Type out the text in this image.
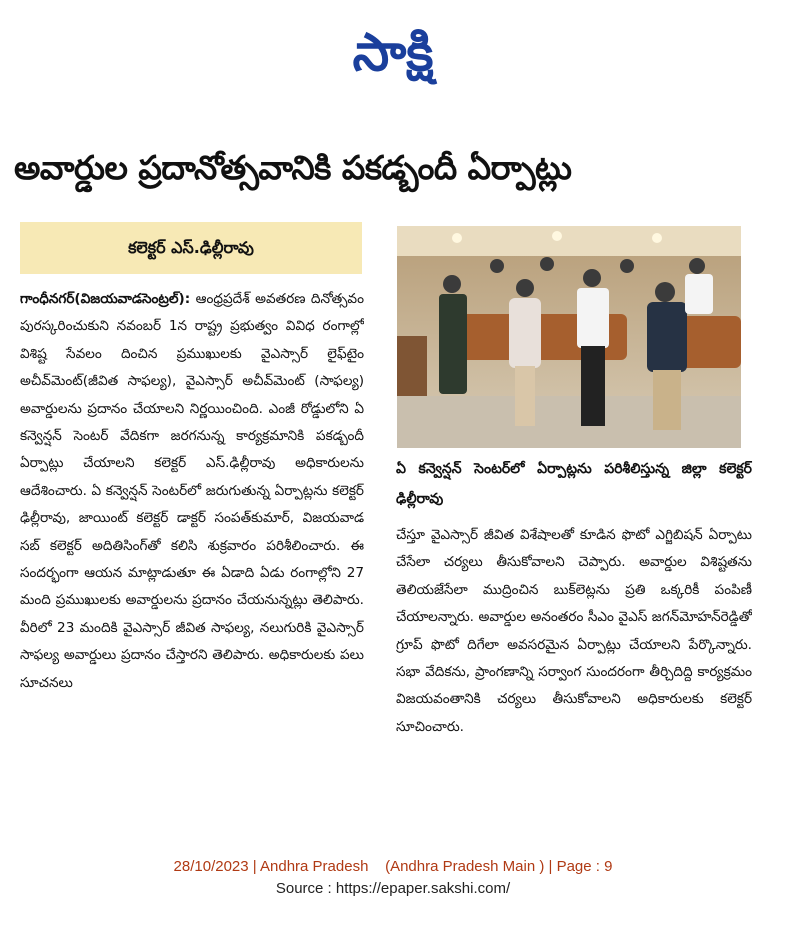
సాక్షి
అవార్డుల ప్రదానోత్సవానికి పకడ్బందీ ఏర్పాట్లు
కలెక్టర్ ఎస్.ఢిల్లీరావు

గాంధీనగర్(విజయవాడసెంట్రల్): ఆంధ్రప్రదేశ్ అవతరణ దినోత్సవం పురస్కరించుకుని నవంబర్ 1న రాష్ట్ర ప్రభుత్వం వివిధ రంగాల్లో విశిష్ట సేవలం దించిన ప్రముఖులకు వైఎస్సార్ లైఫ్‌టైం అచీవ్‌మెంట్(జీవిత సాఫల్య), వైఎస్సార్ అచీవ్‌మెంట్ (సాఫల్య) అవార్డులను ప్రదానం చేయాలని నిర్ణయించింది. ఎంజీ రోడ్డులోని ఏ కన్వెన్షన్ సెంటర్ వేదికగా జరగనున్న కార్యక్రమానికి పకడ్బందీ ఏర్పాట్లు చేయాలని కలెక్టర్ ఎస్.ఢిల్లీరావు అధికారులను ఆదేశించారు. ఏ కన్వెన్షన్ సెంటర్‌లో జరుగుతున్న ఏర్పాట్లను కలెక్టర్ ఢిల్లీరావు, జాయింట్ కలెక్టర్ డాక్టర్ సంపత్‌కుమార్, విజయవాడ సబ్ కలెక్టర్ అదితిసింగ్‌తో కలిసి శుక్రవారం పరిశీలించారు. ఈ సందర్భంగా ఆయన మాట్లాడుతూ ఈ ఏడాది ఏడు రంగాల్లోని 27 మంది ప్రముఖులకు అవార్డులను ప్రదానం చేయనున్నట్లు తెలిపారు. వీరిలో 23 మందికి వైఎస్సార్ జీవిత సాఫల్య, నలుగురికి వైఎస్సార్ సాఫల్య అవార్డులు ప్రదానం చేస్తారని తెలిపారు. అధికారులకు పలు సూచనలు

ఏ కన్వెన్షన్ సెంటర్‌లో ఏర్పాట్లను పరిశీలిస్తున్న జిల్లా కలెక్టర్ ఢిల్లీరావు

చేస్తూ వైఎస్సార్ జీవిత విశేషాలతో కూడిన ఫొటో ఎగ్జిబిషన్ ఏర్పాటు చేసేలా చర్యలు తీసుకోవాలని చెప్పారు. అవార్డుల విశిష్టతను తెలియజేసేలా ముద్రించిన బుక్‌లెట్లను ప్రతి ఒక్కరికీ పంపిణీ చేయాలన్నారు. అవార్డుల అనంతరం సీఎం వైఎస్ జగన్‌మోహన్‌రెడ్డితో గ్రూప్ ఫొటో దిగేలా అవసరమైన ఏర్పాట్లు చేయాలని పేర్కొన్నారు. సభా వేదికను, ప్రాంగణాన్ని సర్వాంగ సుందరంగా తీర్చిదిద్ది కార్యక్రమం విజయవంతానికి చర్యలు తీసుకోవాలని అధికారులకు కలెక్టర్ సూచించారు.

28/10/2023 | Andhra Pradesh (Andhra Pradesh Main ) | Page : 9
Source : https://epaper.sakshi.com/
